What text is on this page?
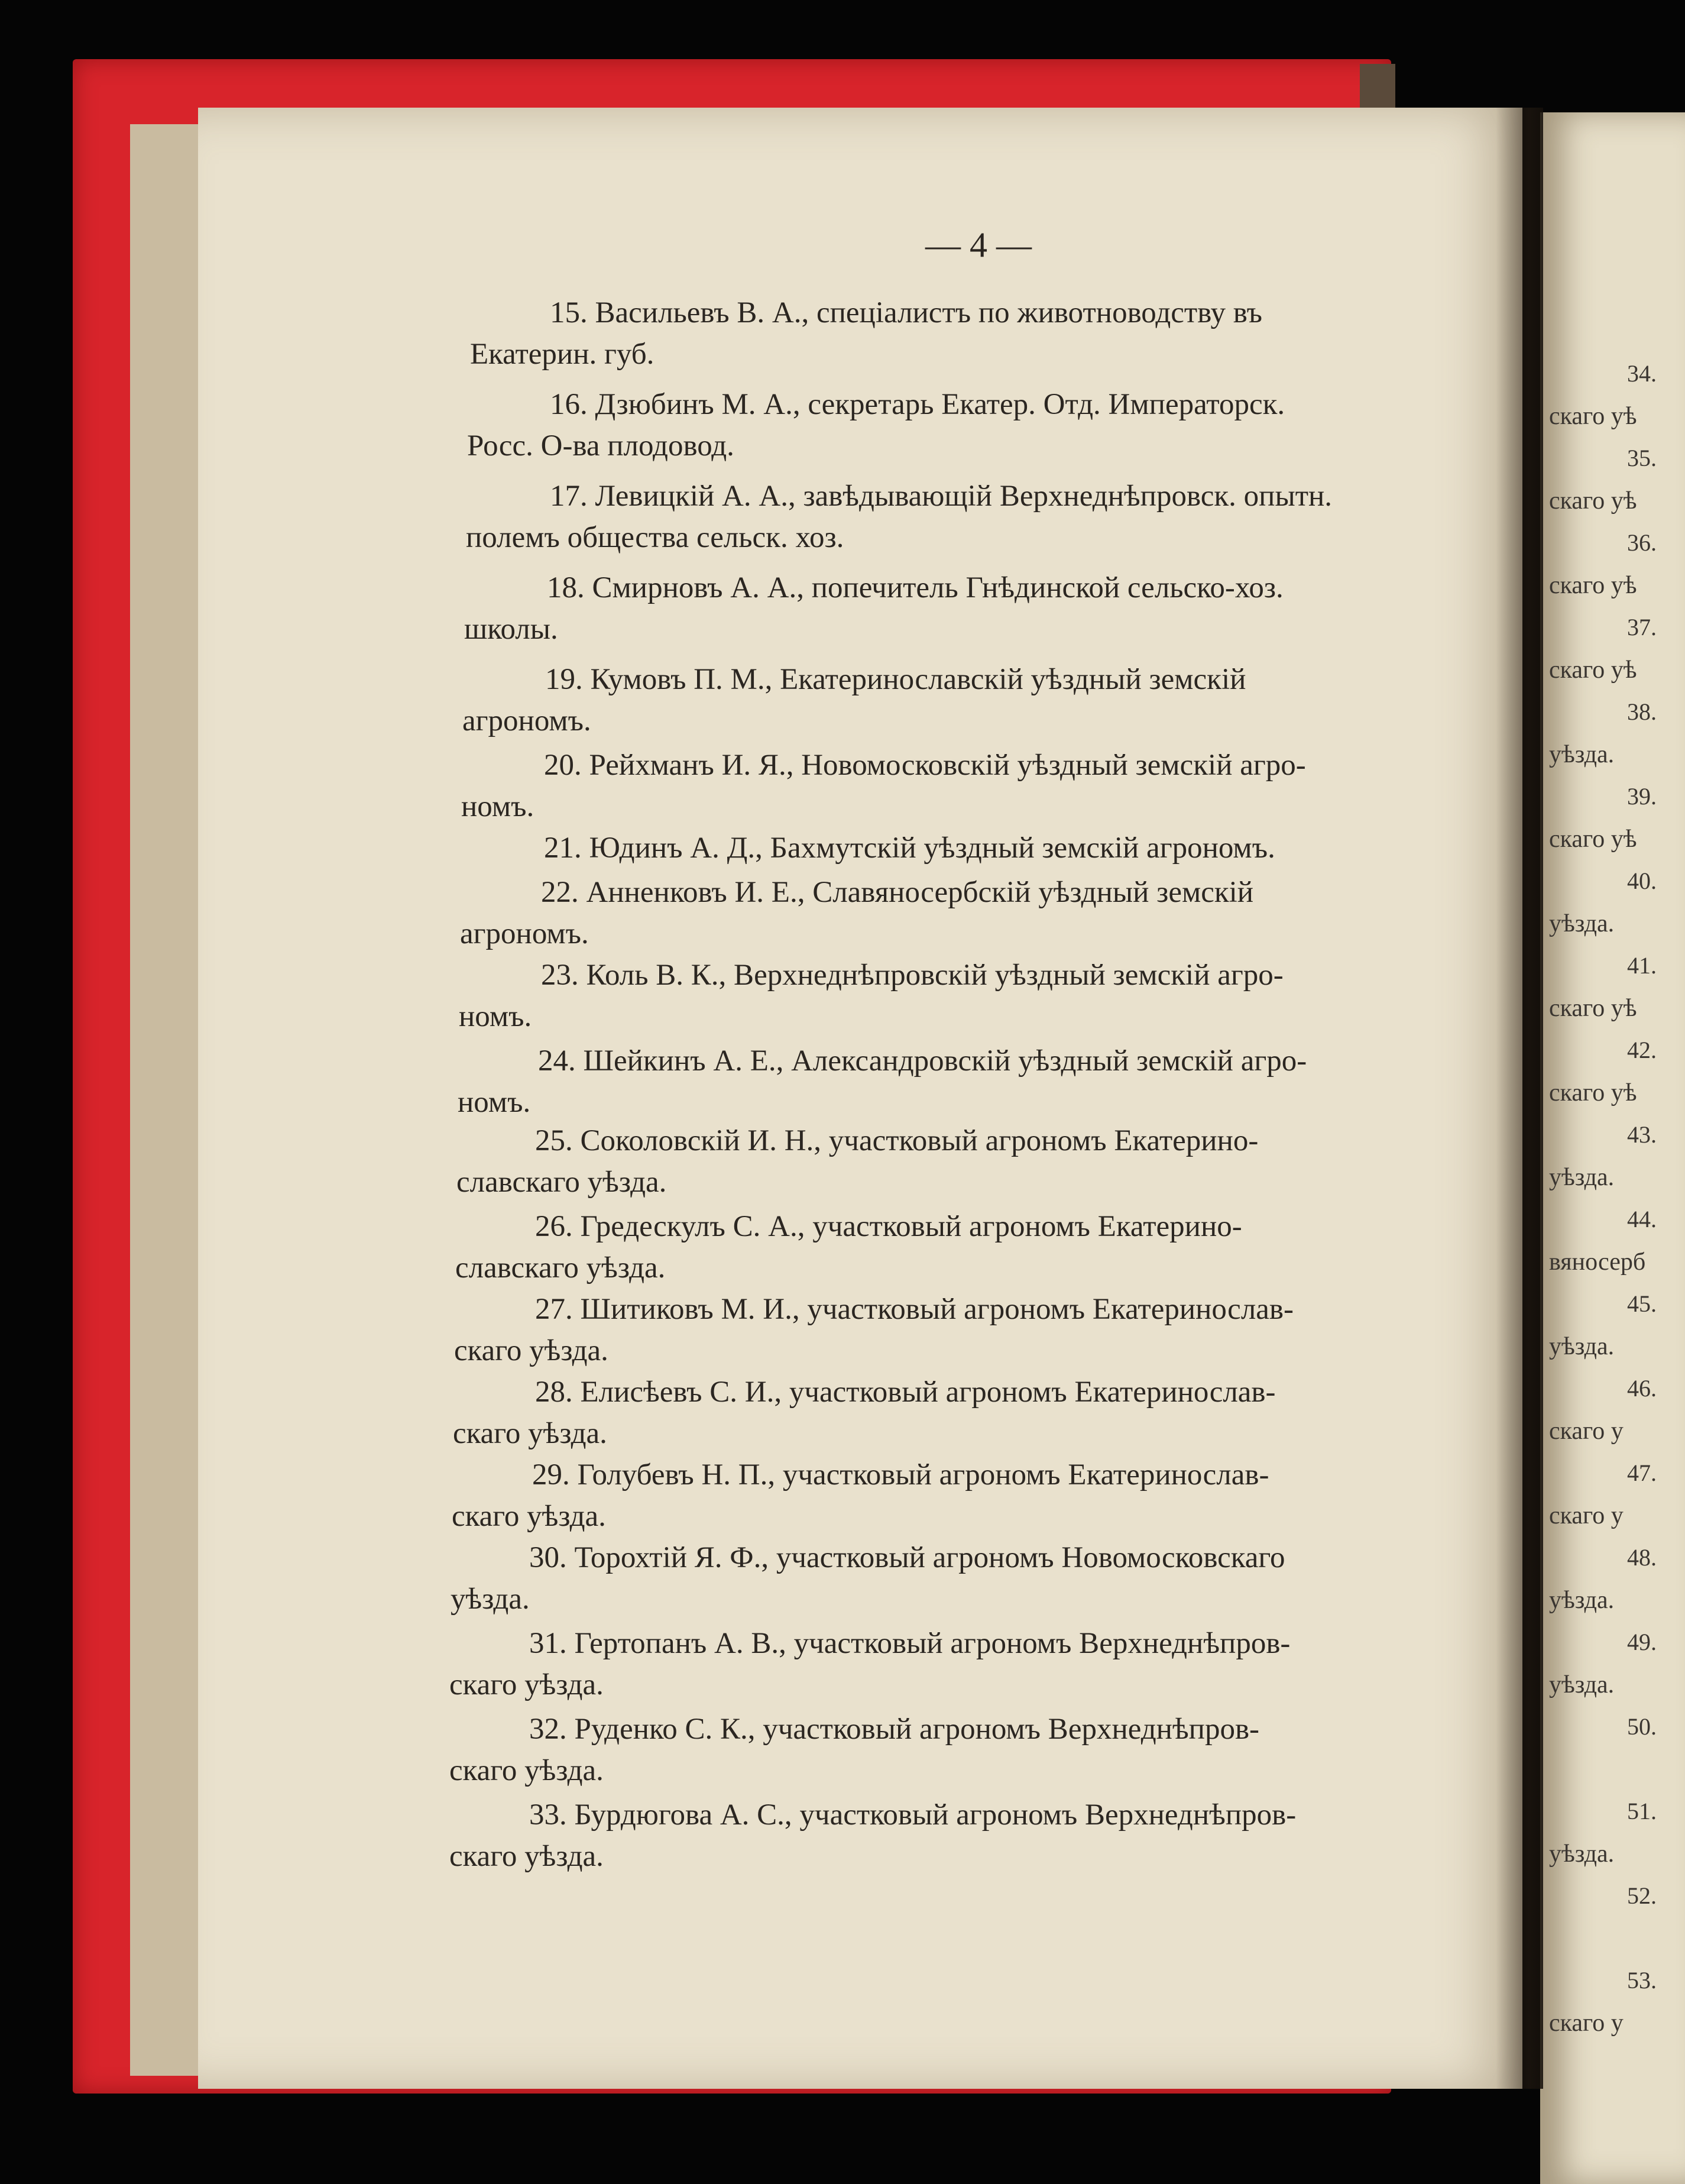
— 4 —
15. Васильевъ В. А., спеціалистъ по животноводству въ
Екатерин. губ.
16. Дзюбинъ М. А., секретарь Екатер. Отд. Императорск.
Росс. О-ва плодовод.
17. Левицкій А. А., завѣдывающій Верхнеднѣпровск. опытн.
полемъ общества сельск. хоз.
18. Смирновъ А. А., попечитель Гнѣдинской сельско-хоз.
школы.
19. Кумовъ П. М., Екатеринославскій уѣздный земскій
агрономъ.
20. Рейхманъ И. Я., Новомосковскій уѣздный земскій агро-
номъ.
21. Юдинъ А. Д., Бахмутскій уѣздный земскій агрономъ.
22. Анненковъ И. Е., Славяносербскій уѣздный земскій
агрономъ.
23. Коль В. К., Верхнеднѣпровскій уѣздный земскій агро-
номъ.
24. Шейкинъ А. Е., Александровскій уѣздный земскій агро-
номъ.
25. Соколовскій И. Н., участковый агрономъ Екатерино-
славскаго уѣзда.
26. Гредескулъ С. А., участковый агрономъ Екатерино-
славскаго уѣзда.
27. Шитиковъ М. И., участковый агрономъ Екатеринослав-
скаго уѣзда.
28. Елисѣевъ С. И., участковый агрономъ Екатеринослав-
скаго уѣзда.
29. Голубевъ Н. П., участковый агрономъ Екатеринослав-
скаго уѣзда.
30. Торохтій Я. Ф., участковый агрономъ Новомосковскаго
уѣзда.
31. Гертопанъ А. В., участковый агрономъ Верхнеднѣпров-
скаго уѣзда.
32. Руденко С. К., участковый агрономъ Верхнеднѣпров-
скаго уѣзда.
33. Бурдюгова А. С., участковый агрономъ Верхнеднѣпров-
скаго уѣзда.
34.
скаго уѣ
35.
скаго уѣ
36.
скаго уѣ
37.
скаго уѣ
38.
уѣзда.
39.
скаго уѣ
40.
уѣзда.
41.
скаго уѣ
42.
скаго уѣ
43.
уѣзда.
44.
вяносерб
45.
уѣзда.
46.
скаго у
47.
скаго у
48.
уѣзда.
49.
уѣзда.
50.
51.
уѣзда.
52.
53.
скаго у
